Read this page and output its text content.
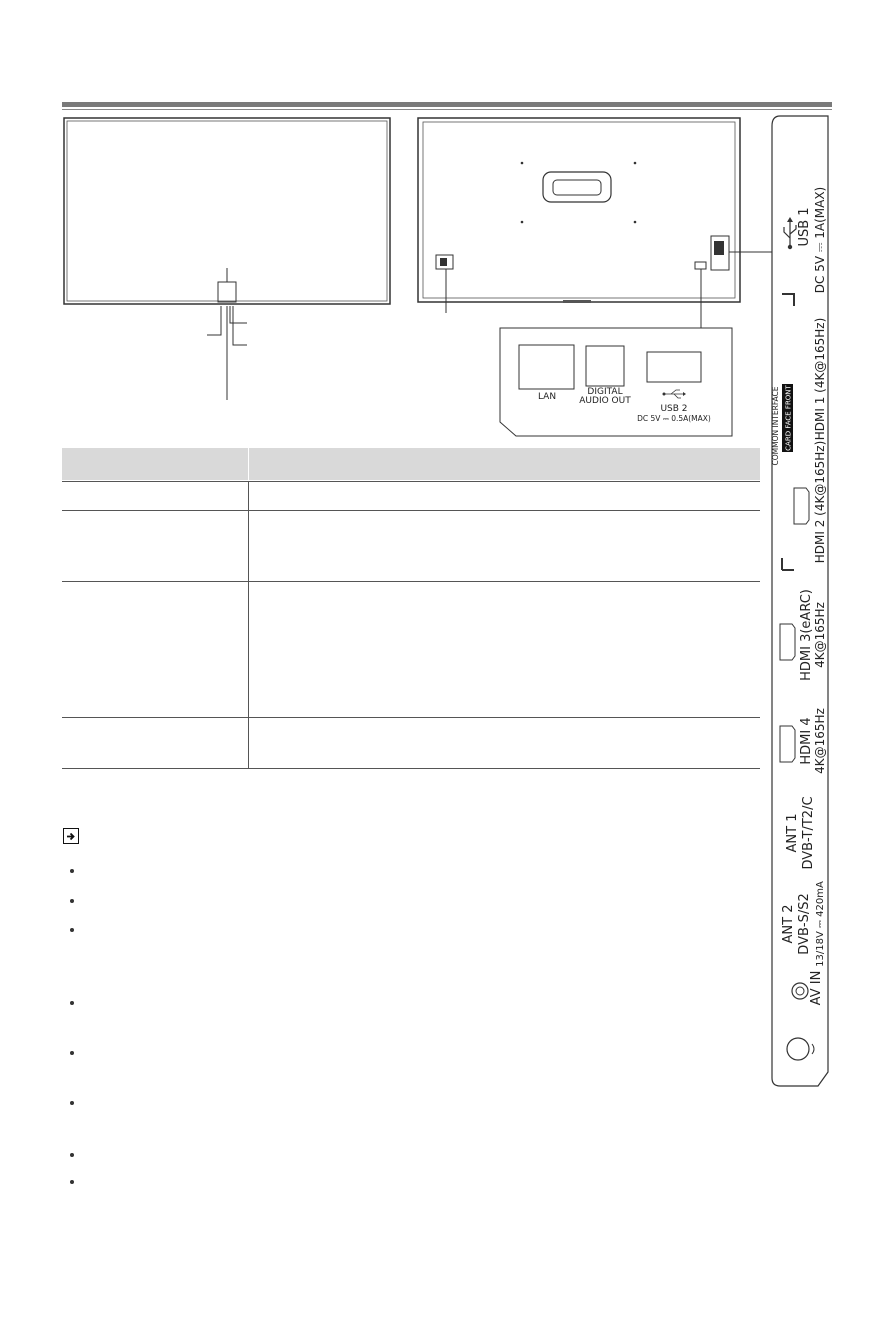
LAN	DIGITAL
AUDIO OUT
USB 2
DC 5V ⎓ 0.5A(MAX)
USB 1 DC 5V ⎓ 1A(MAX)
COMMON INTERFACE CARD FACE FRONT HDMI 1 (4K@165Hz)
HDMI 2 (4K@165Hz)
HDMI 3(eARC) 4K@165Hz
HDMI 4 4K@165Hz
ANT 1 DVB-T/T2/C
ANT 2 DVB-S/S2 13/18V ⎓ 420mA
AV IN
